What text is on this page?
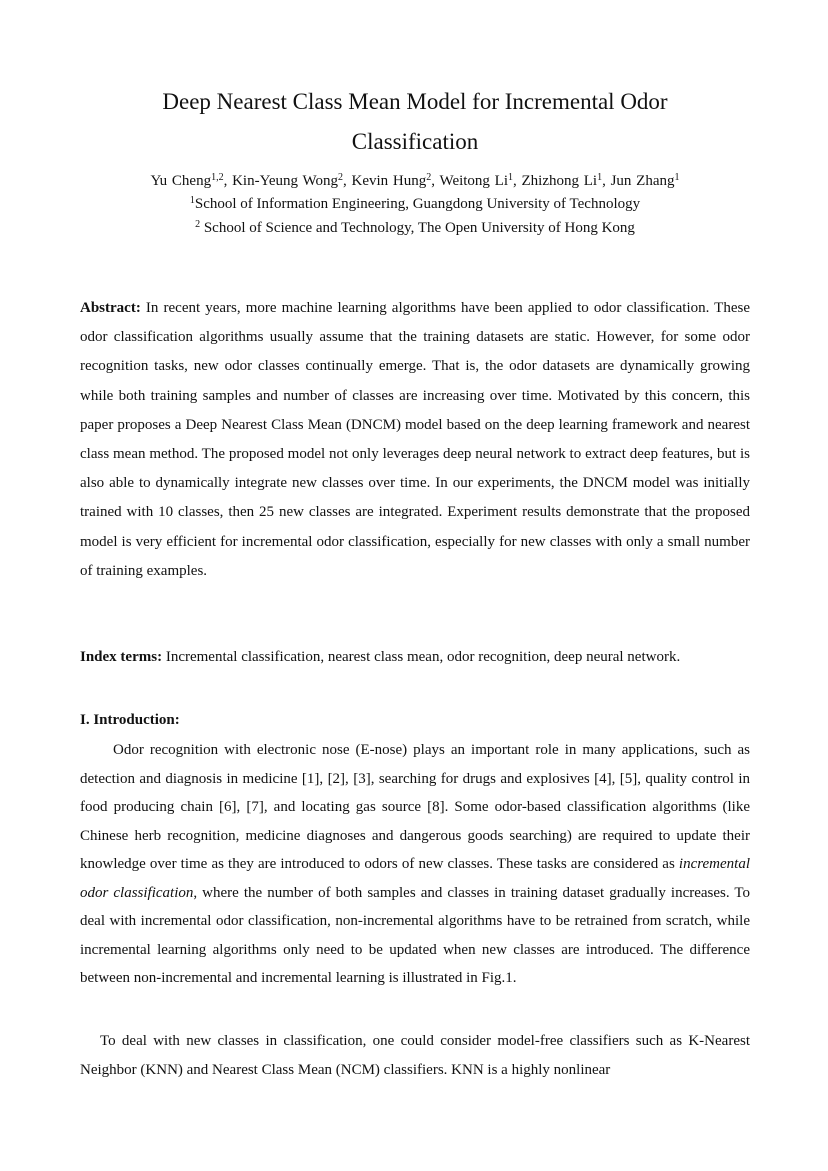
Deep Nearest Class Mean Model for Incremental Odor
Classification
Yu Cheng$^{1,2}$, Kin-Yeung Wong$^2$, Kevin Hung$^2$, Weitong Li$^1$, Zhizhong Li$^1$, Jun Zhang$^1$
$^1$School of Information Engineering, Guangdong University of Technology
$^2$ School of Science and Technology, The Open University of Hong Kong

Abstract: In recent years, more machine learning algorithms have been applied to odor classification. These odor classification algorithms usually assume that the training datasets are static. However, for some odor recognition tasks, new odor classes continually emerge. That is, the odor datasets are dynamically growing while both training samples and number of classes are increasing over time. Motivated by this concern, this paper proposes a Deep Nearest Class Mean (DNCM) model based on the deep learning framework and nearest class mean method. The proposed model not only leverages deep neural network to extract deep features, but is also able to dynamically integrate new classes over time. In our experiments, the DNCM model was initially trained with 10 classes, then 25 new classes are integrated. Experiment results demonstrate that the proposed model is very efficient for incremental odor classification, especially for new classes with only a small number of training examples.

Index terms: Incremental classification, nearest class mean, odor recognition, deep neural network.

I. Introduction:

Odor recognition with electronic nose (E-nose) plays an important role in many applications, such as detection and diagnosis in medicine [1], [2], [3], searching for drugs and explosives [4], [5], quality control in food producing chain [6], [7], and locating gas source [8]. Some odor-based classification algorithms (like Chinese herb recognition, medicine diagnoses and dangerous goods searching) are required to update their knowledge over time as they are introduced to odors of new classes. These tasks are considered as incremental odor classification, where the number of both samples and classes in training dataset gradually increases. To deal with incremental odor classification, non-incremental algorithms have to be retrained from scratch, while incremental learning algorithms only need to be updated when new classes are introduced. The difference between non-incremental and incremental learning is illustrated in Fig.1.

To deal with new classes in classification, one could consider model-free classifiers such as K-Nearest Neighbor (KNN) and Nearest Class Mean (NCM) classifiers. KNN is a highly nonlinear
